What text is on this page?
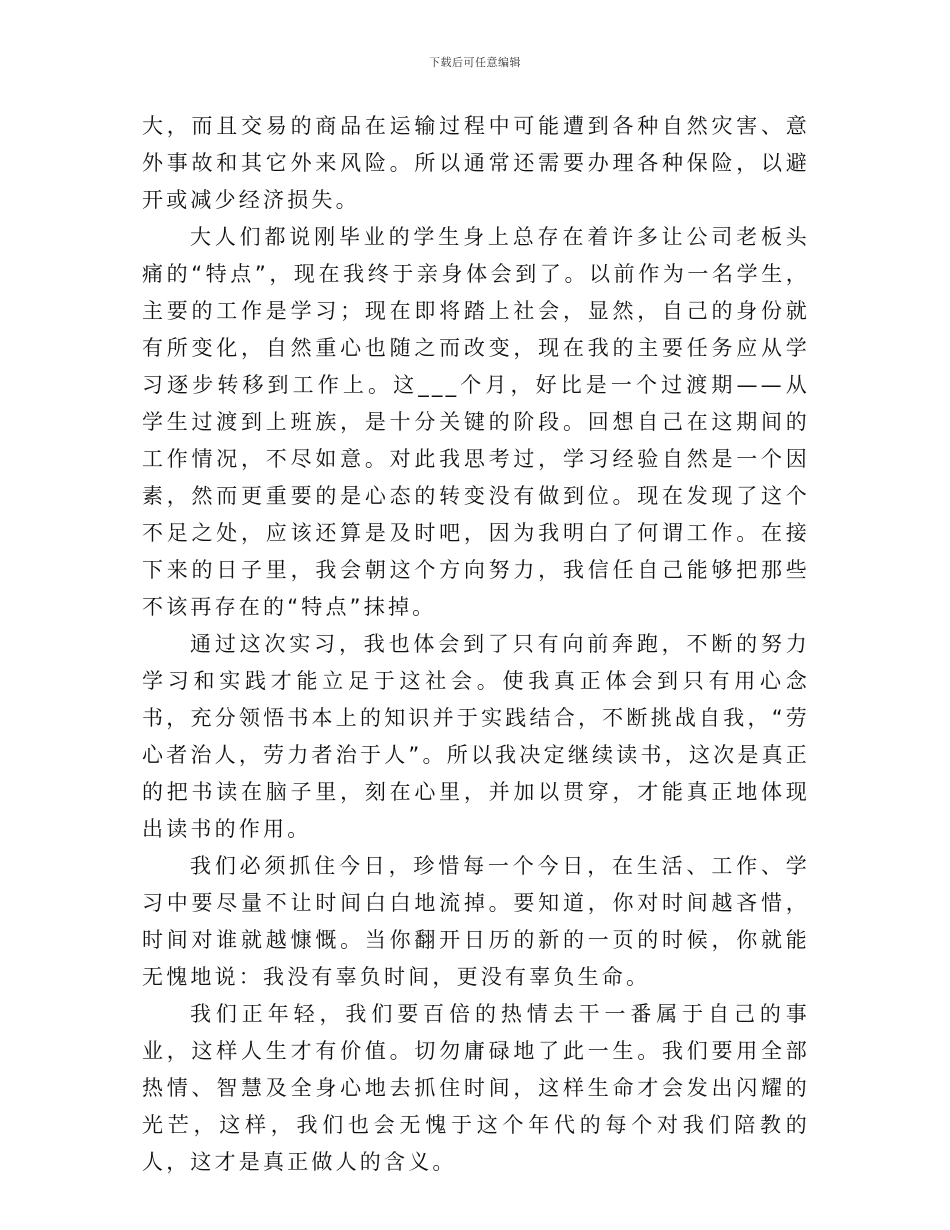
下载后可任意编辑

大，而且交易的商品在运输过程中可能遭到各种自然灾害、意外事故和其它外来风险。所以通常还需要办理各种保险，以避开或减少经济损失。

大人们都说刚毕业的学生身上总存在着许多让公司老板头痛的“特点”，现在我终于亲身体会到了。以前作为一名学生，主要的工作是学习；现在即将踏上社会，显然，自己的身份就有所变化，自然重心也随之而改变，现在我的主要任务应从学习逐步转移到工作上。这___个月，好比是一个过渡期——从学生过渡到上班族，是十分关键的阶段。回想自己在这期间的工作情况，不尽如意。对此我思考过，学习经验自然是一个因素，然而更重要的是心态的转变没有做到位。现在发现了这个不足之处，应该还算是及时吧，因为我明白了何谓工作。在接下来的日子里，我会朝这个方向努力，我信任自己能够把那些不该再存在的“特点”抹掉。

通过这次实习，我也体会到了只有向前奔跑，不断的努力学习和实践才能立足于这社会。使我真正体会到只有用心念书，充分领悟书本上的知识并于实践结合，不断挑战自我，“劳心者治人，劳力者治于人”。所以我决定继续读书，这次是真正的把书读在脑子里，刻在心里，并加以贯穿，才能真正地体现出读书的作用。

我们必须抓住今日，珍惜每一个今日，在生活、工作、学习中要尽量不让时间白白地流掉。要知道，你对时间越吝惜，时间对谁就越慷慨。当你翻开日历的新的一页的时候，你就能无愧地说：我没有辜负时间，更没有辜负生命。

我们正年轻，我们要百倍的热情去干一番属于自己的事业，这样人生才有价值。切勿庸碌地了此一生。我们要用全部热情、智慧及全身心地去抓住时间，这样生命才会发出闪耀的光芒，这样，我们也会无愧于这个年代的每个对我们陪教的人，这才是真正做人的含义。
